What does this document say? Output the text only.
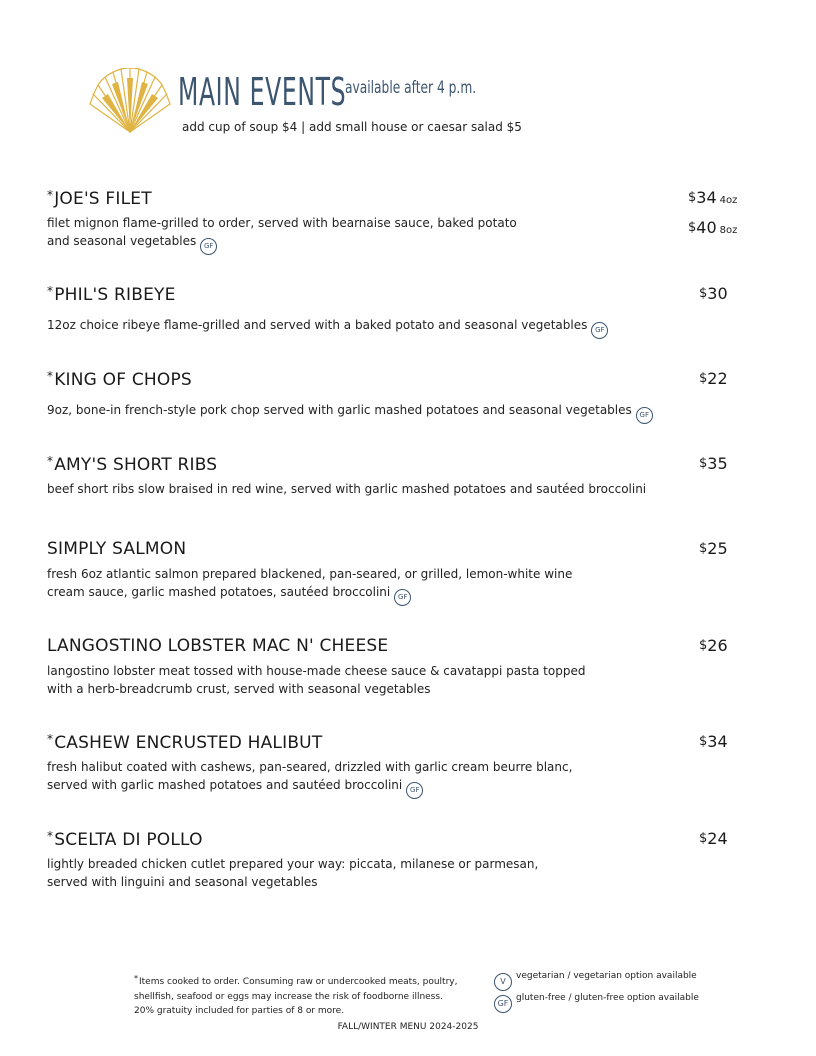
MAIN EVENTS
available after 4 p.m.
add cup of soup $4 | add small house or caesar salad $5
*JOE'S FILET
filet mignon flame-grilled to order, served with bearnaise sauce, baked potato
and seasonal vegetables GF
$34 4oz
$40 8oz
*PHIL'S RIBEYE
12oz choice ribeye flame-grilled and served with a baked potato and seasonal vegetables GF
$30
*KING OF CHOPS
9oz, bone-in french-style pork chop served with garlic mashed potatoes and seasonal vegetables GF
$22
*AMY'S SHORT RIBS
beef short ribs slow braised in red wine, served with garlic mashed potatoes and sautéed broccolini
$35
SIMPLY SALMON
fresh 6oz atlantic salmon prepared blackened, pan-seared, or grilled, lemon-white wine
cream sauce, garlic mashed potatoes, sautéed broccolini GF
$25
LANGOSTINO LOBSTER MAC N' CHEESE
langostino lobster meat tossed with house-made cheese sauce & cavatappi pasta topped
with a herb-breadcrumb crust, served with seasonal vegetables
$26
*CASHEW ENCRUSTED HALIBUT
fresh halibut coated with cashews, pan-seared, drizzled with garlic cream beurre blanc,
served with garlic mashed potatoes and sautéed broccolini GF
$34
*SCELTA DI POLLO
lightly breaded chicken cutlet prepared your way: piccata, milanese or parmesan,
served with linguini and seasonal vegetables
$24
*Items cooked to order. Consuming raw or undercooked meats, poultry,
shellfish, seafood or eggs may increase the risk of foodborne illness.
20% gratuity included for parties of 8 or more.
Vvegetarian / vegetarian option available
GFgluten-free / gluten-free option available
FALL/WINTER MENU 2024-2025
